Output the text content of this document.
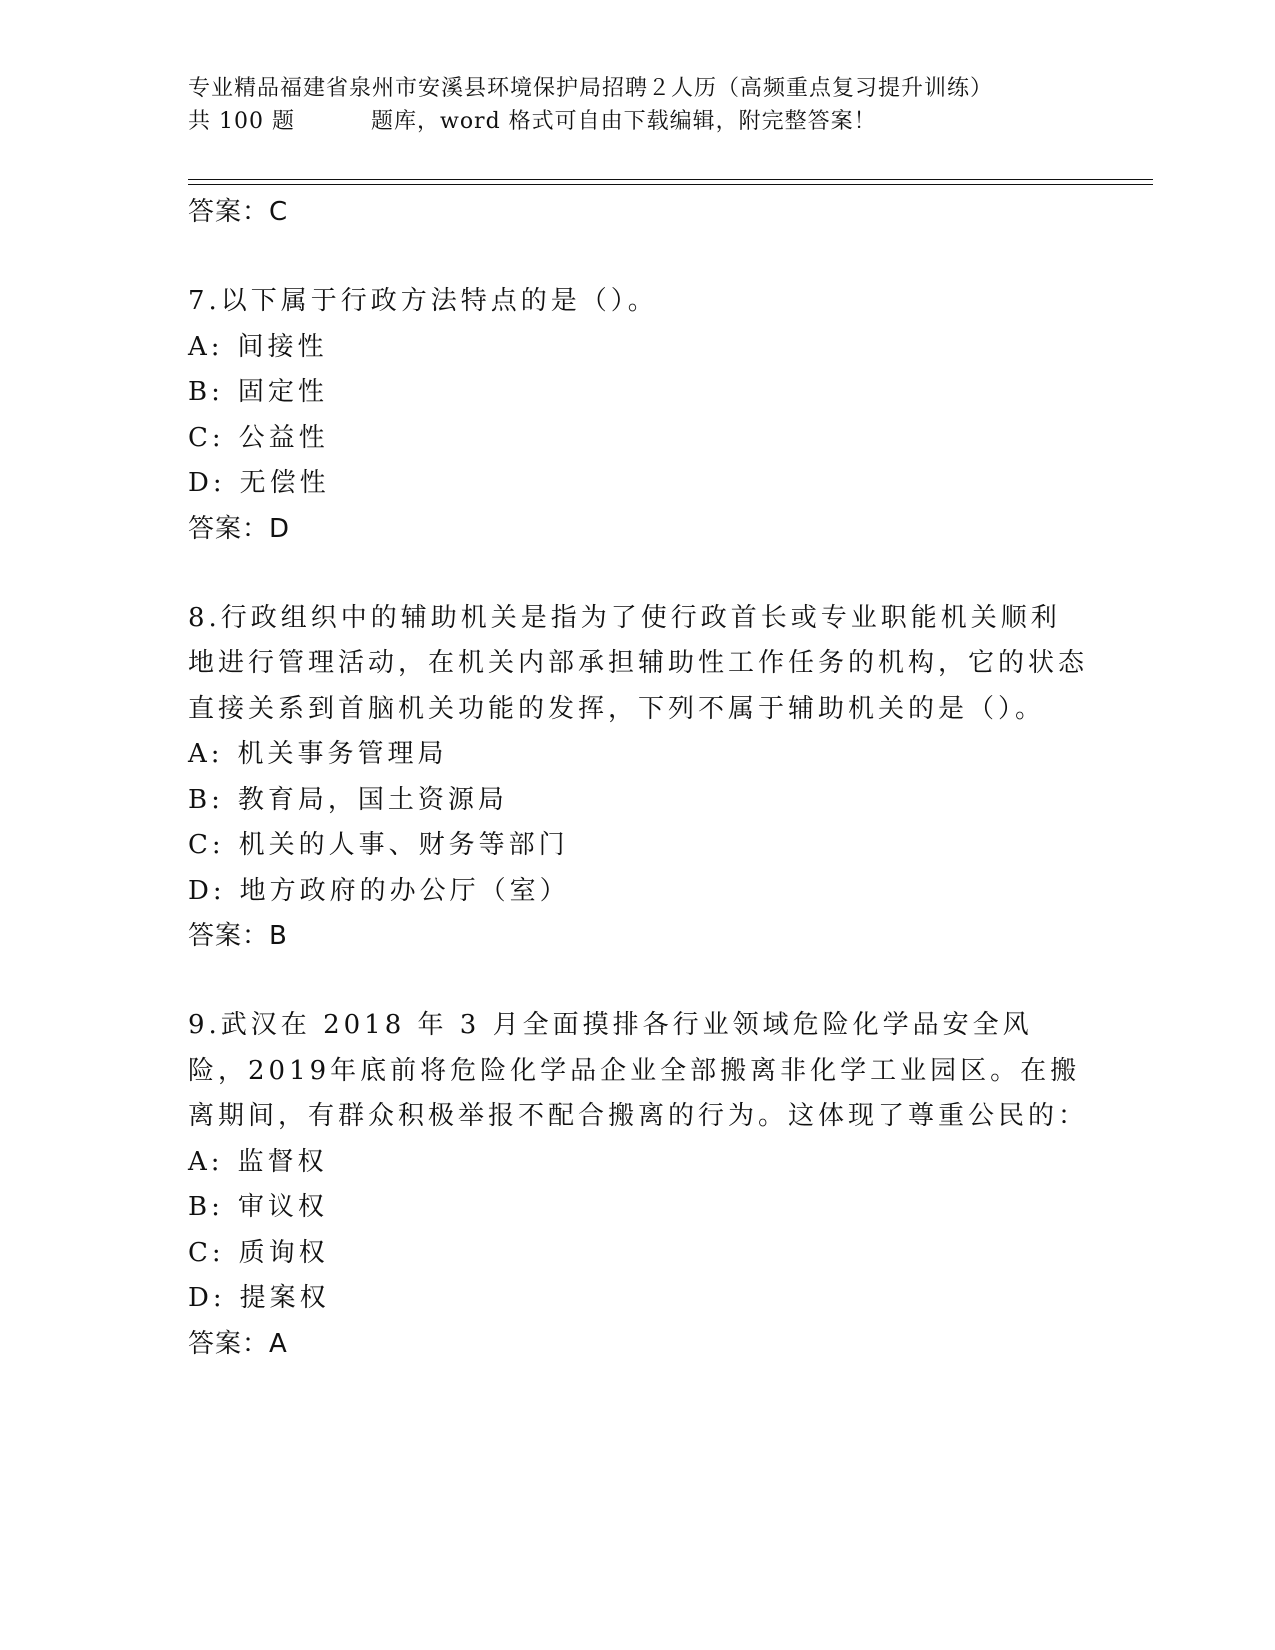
专业精品福建省泉州市安溪县环境保护局招聘２人历（高频重点复习提升训练）
共 100 题	题库，word 格式可自由下载编辑，附完整答案！

答案：C

7.以下属于行政方法特点的是（）。

A: 间接性

B: 固定性

C: 公益性

D: 无偿性

答案：D

8.行政组织中的辅助机关是指为了使行政首长或专业职能机关顺利地进行管理活动，在机关内部承担辅助性工作任务的机构，它的状态直接关系到首脑机关功能的发挥，下列不属于辅助机关的是（）。

A: 机关事务管理局

B: 教育局，国土资源局

C: 机关的人事、财务等部门

D: 地方政府的办公厅（室）

答案：B

9.武汉在 2018 年 3 月全面摸排各行业领域危险化学品安全风险，2019年底前将危险化学品企业全部搬离非化学工业园区。在搬离期间，有群众积极举报不配合搬离的行为。这体现了尊重公民的：

A: 监督权

B: 审议权

C: 质询权

D: 提案权

答案：A
